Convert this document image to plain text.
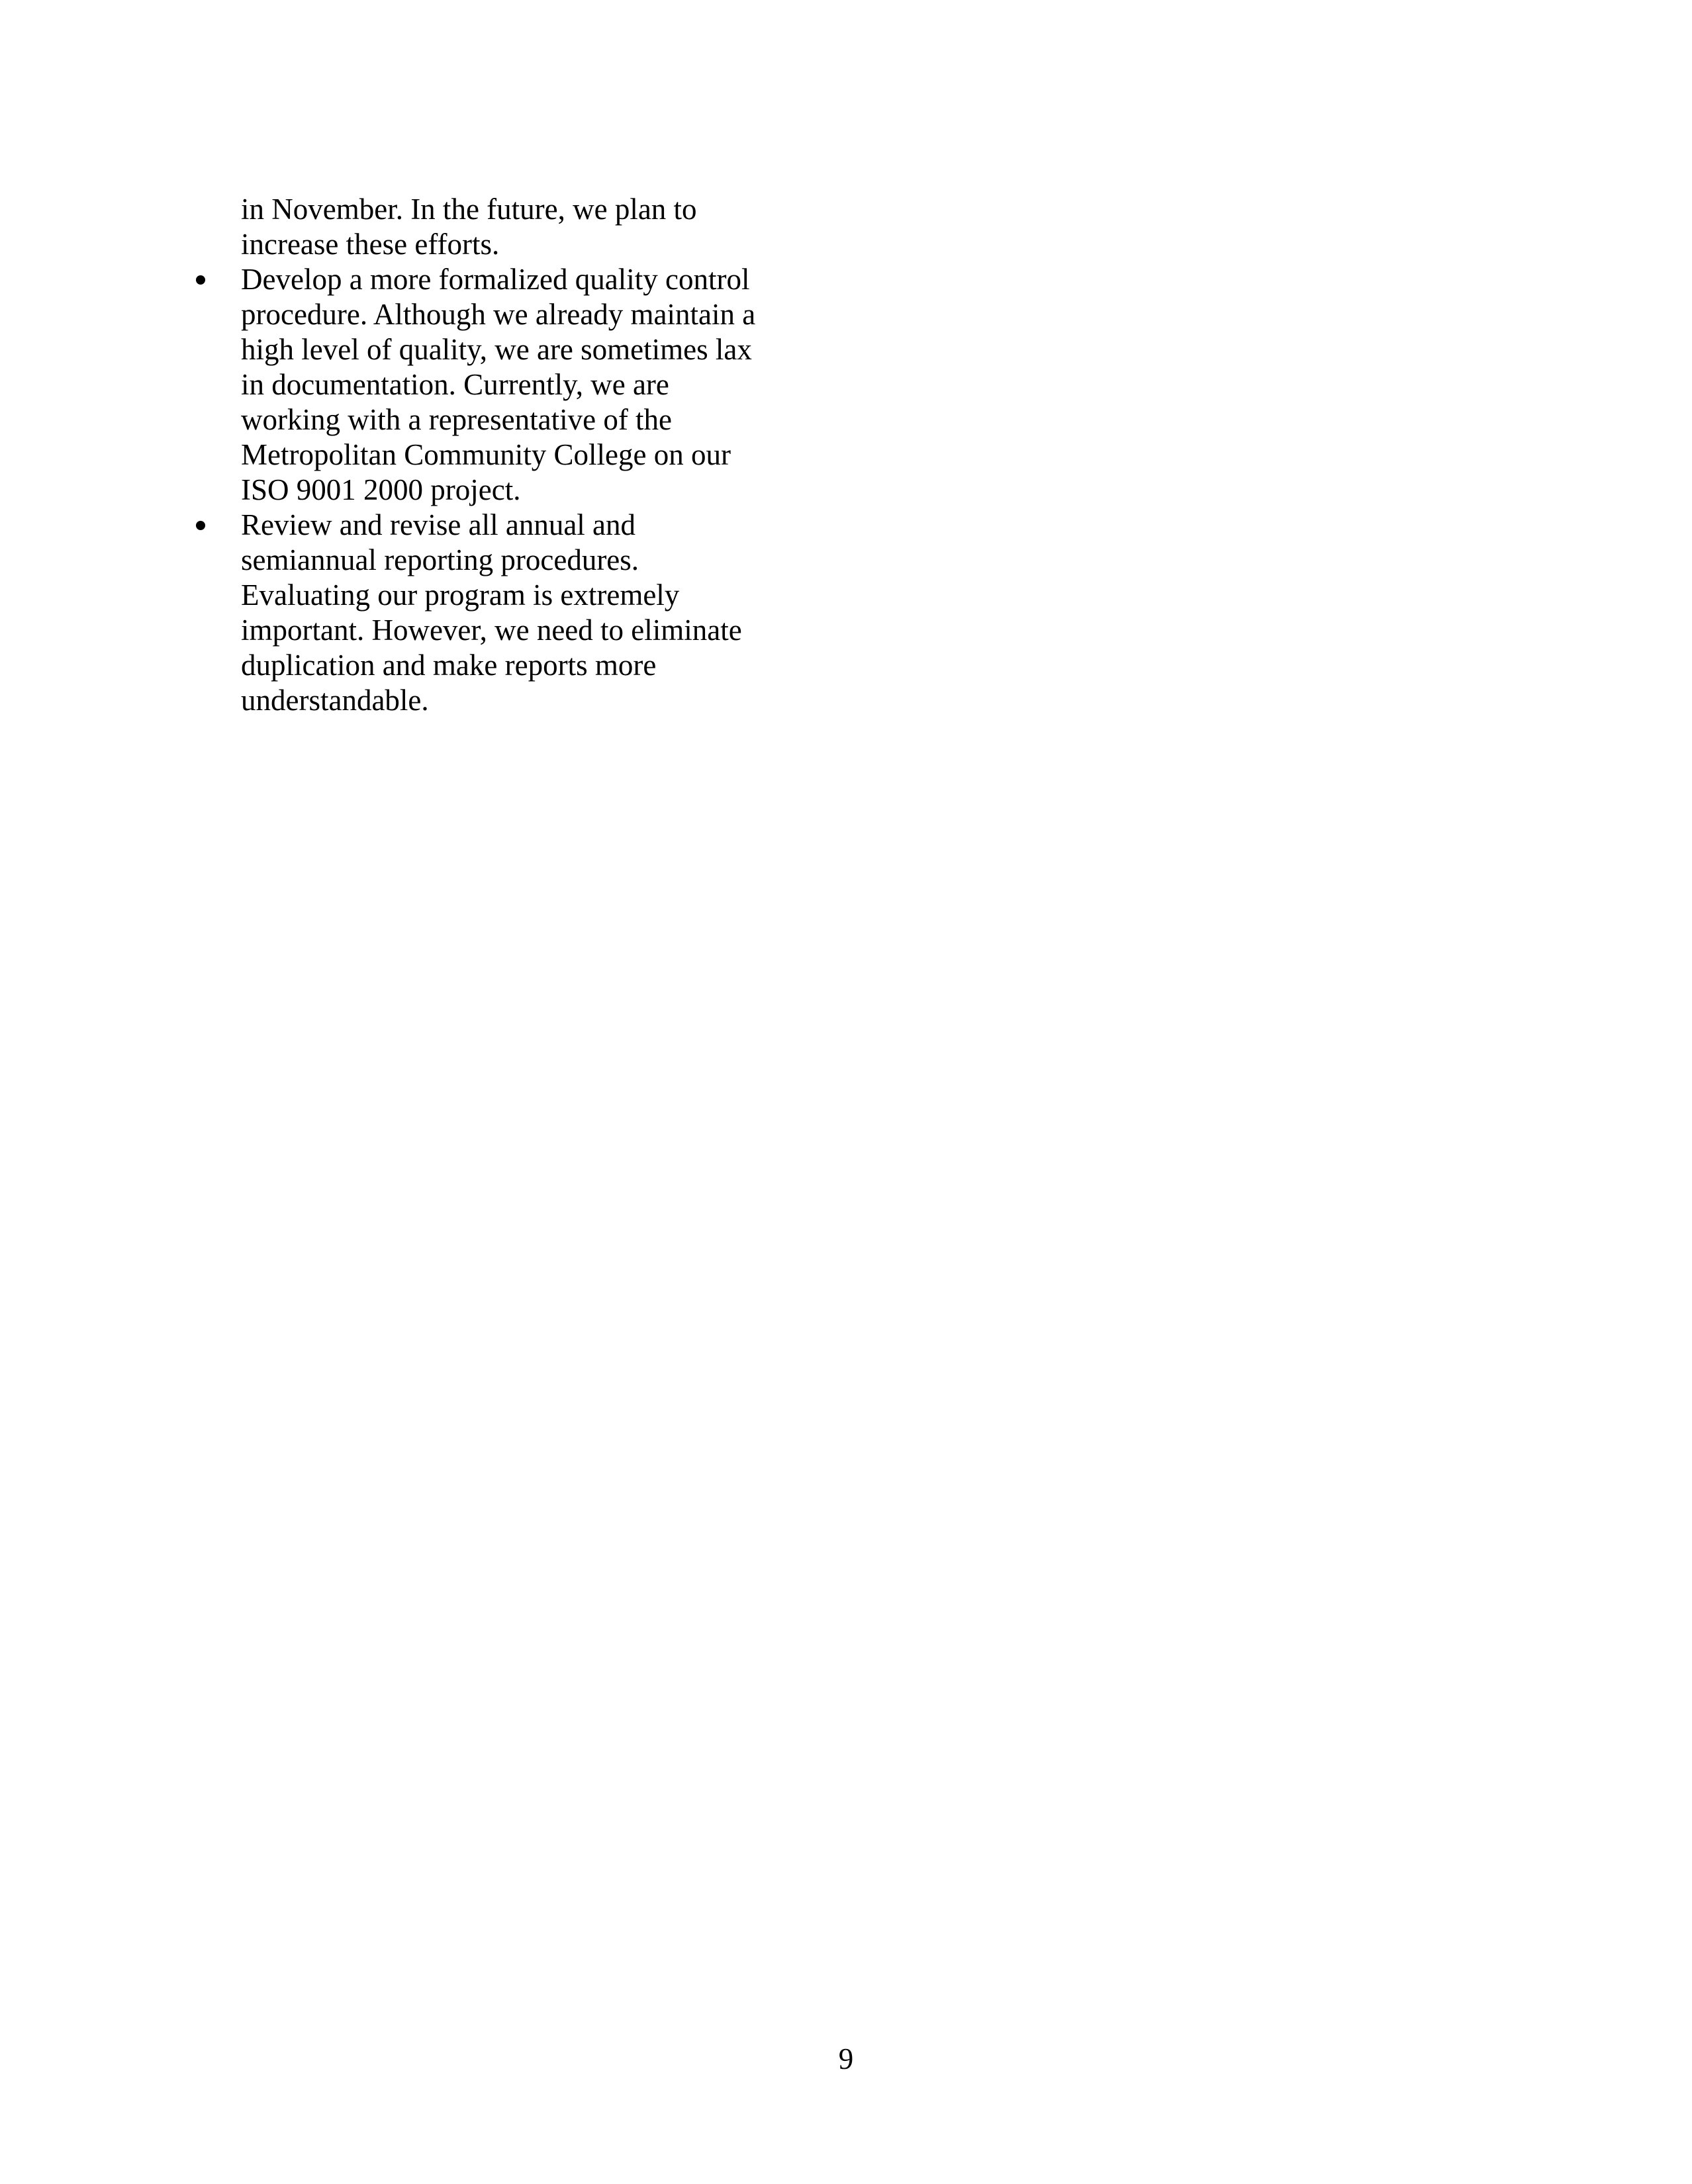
in November. In the future, we plan to
increase these efforts.

Develop a more formalized quality control
procedure. Although we already maintain a
high level of quality, we are sometimes lax
in documentation. Currently, we are
working with a representative of the
Metropolitan Community College on our
ISO 9001 2000 project.
Review and revise all annual and
semiannual reporting procedures.
Evaluating our program is extremely
important. However, we need to eliminate
duplication and make reports more
understandable.
9
